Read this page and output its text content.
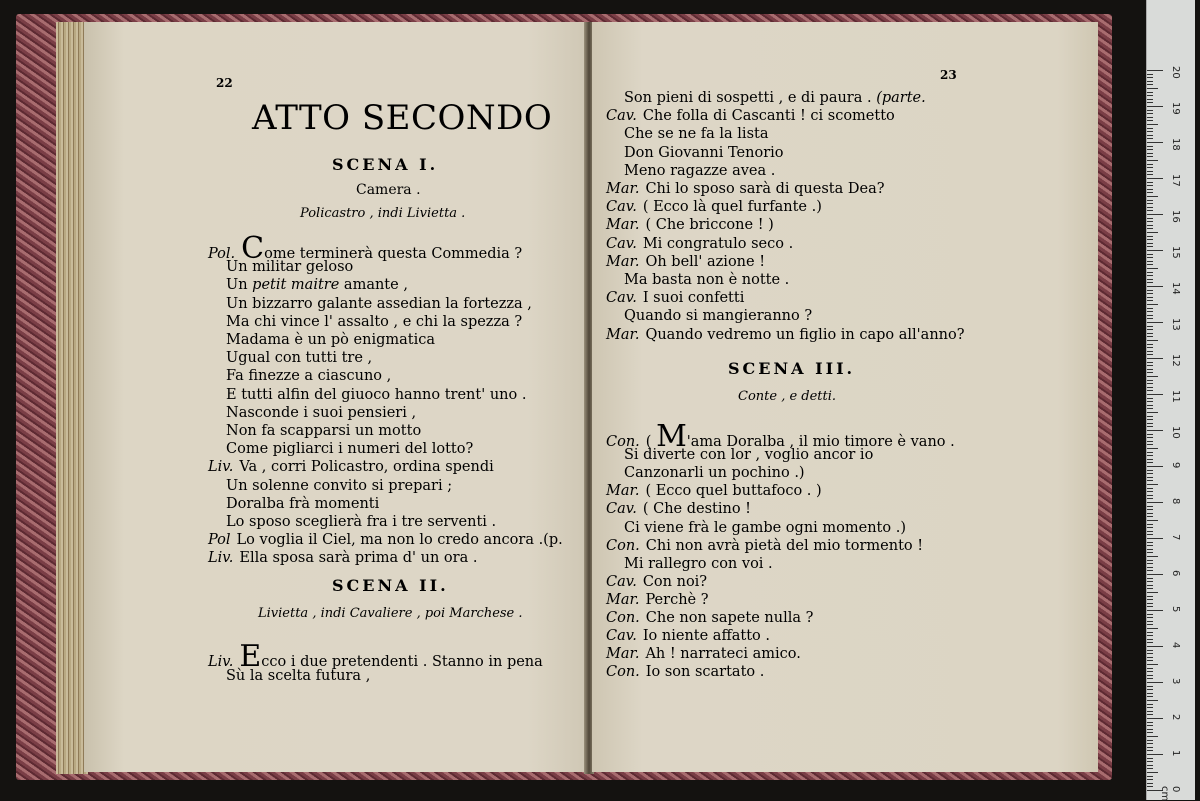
0 cm
1
2
3
4
5
6
7
8
9
10
11
12
13
14
15
16
17
18
19
20
22
ATTO SECONDO
SCENA I.
Camera .
Policastro , indi Livietta .
SCENA II.
Livietta , indi Cavaliere , poi Marchese .
23
SCENA III.
Conte , e detti.
Pol. Come terminerà questa Commedia ?
Un militar geloso
Un petit maitre amante ,
Un bizzarro galante assedian la fortezza ,
Ma chi vince l' assalto , e chi la spezza ?
Madama è un pò enigmatica
Ugual con tutti tre ,
Fa finezze a ciascuno ,
E tutti alfin del giuoco hanno trent' uno .
Nasconde i suoi pensieri ,
Non fa scapparsi un motto
Come pigliarci i numeri del lotto?
Liv. Va , corri Policastro, ordina spendi
Un solenne convito si prepari ;
Doralba frà momenti
Lo sposo sceglierà fra i tre serventi .
Pol Lo voglia il Ciel, ma non lo credo ancora .(p.
Liv. Ella sposa sarà prima d' un ora .
Liv. Ecco i due pretendenti . Stanno in pena
Sù la scelta futura ,
Son pieni di sospetti , e di paura . (parte.
Cav. Che folla di Cascanti ! ci scometto
Che se ne fa la lista
Don Giovanni Tenorio
Meno ragazze avea .
Mar. Chi lo sposo sarà di questa Dea?
Cav. ( Ecco là quel furfante .)
Mar. ( Che briccone ! )
Cav. Mi congratulo seco .
Mar. Oh bell' azione !
Ma basta non è notte .
Cav. I suoi confetti
Quando si mangieranno ?
Mar. Quando vedremo un figlio in capo all'anno?
Con. ( M'ama Doralba , il mio timore è vano .
Si diverte con lor , voglio ancor io
Canzonarli un pochino .)
Mar. ( Ecco quel buttafoco . )
Cav. ( Che destino !
Ci viene frà le gambe ogni momento .)
Con. Chi non avrà pietà del mio tormento !
Mi rallegro con voi .
Cav. Con noi?
Mar. Perchè ?
Con. Che non sapete nulla ?
Cav. Io niente affatto .
Mar. Ah ! narrateci amico.
Con. Io son scartato .
